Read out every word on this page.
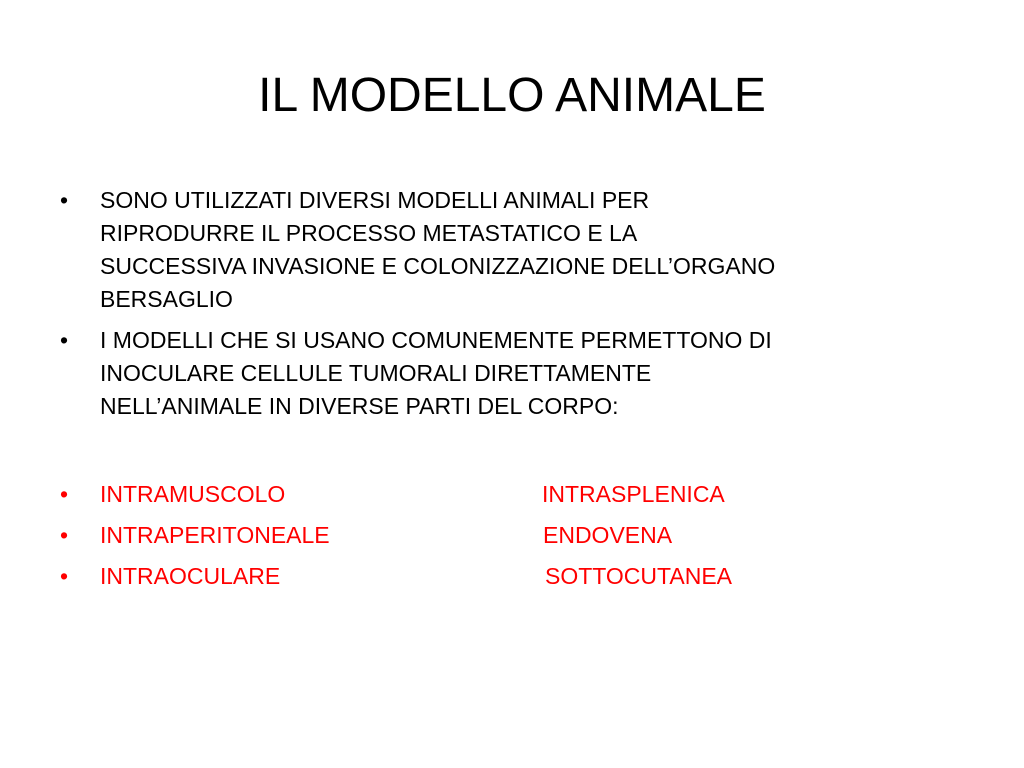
IL MODELLO ANIMALE
• SONO UTILIZZATI DIVERSI MODELLI ANIMALI PER
RIPRODURRE IL PROCESSO METASTATICO E LA
SUCCESSIVA INVASIONE E COLONIZZAZIONE DELL’ORGANO
BERSAGLIO
• I MODELLI CHE SI USANO COMUNEMENTE PERMETTONO DI
INOCULARE CELLULE TUMORALI DIRETTAMENTE
NELL’ANIMALE IN DIVERSE PARTI DEL CORPO:
• INTRAMUSCOLO	INTRASPLENICA
• INTRAPERITONEALE	ENDOVENA
• INTRAOCULARE	SOTTOCUTANEA
